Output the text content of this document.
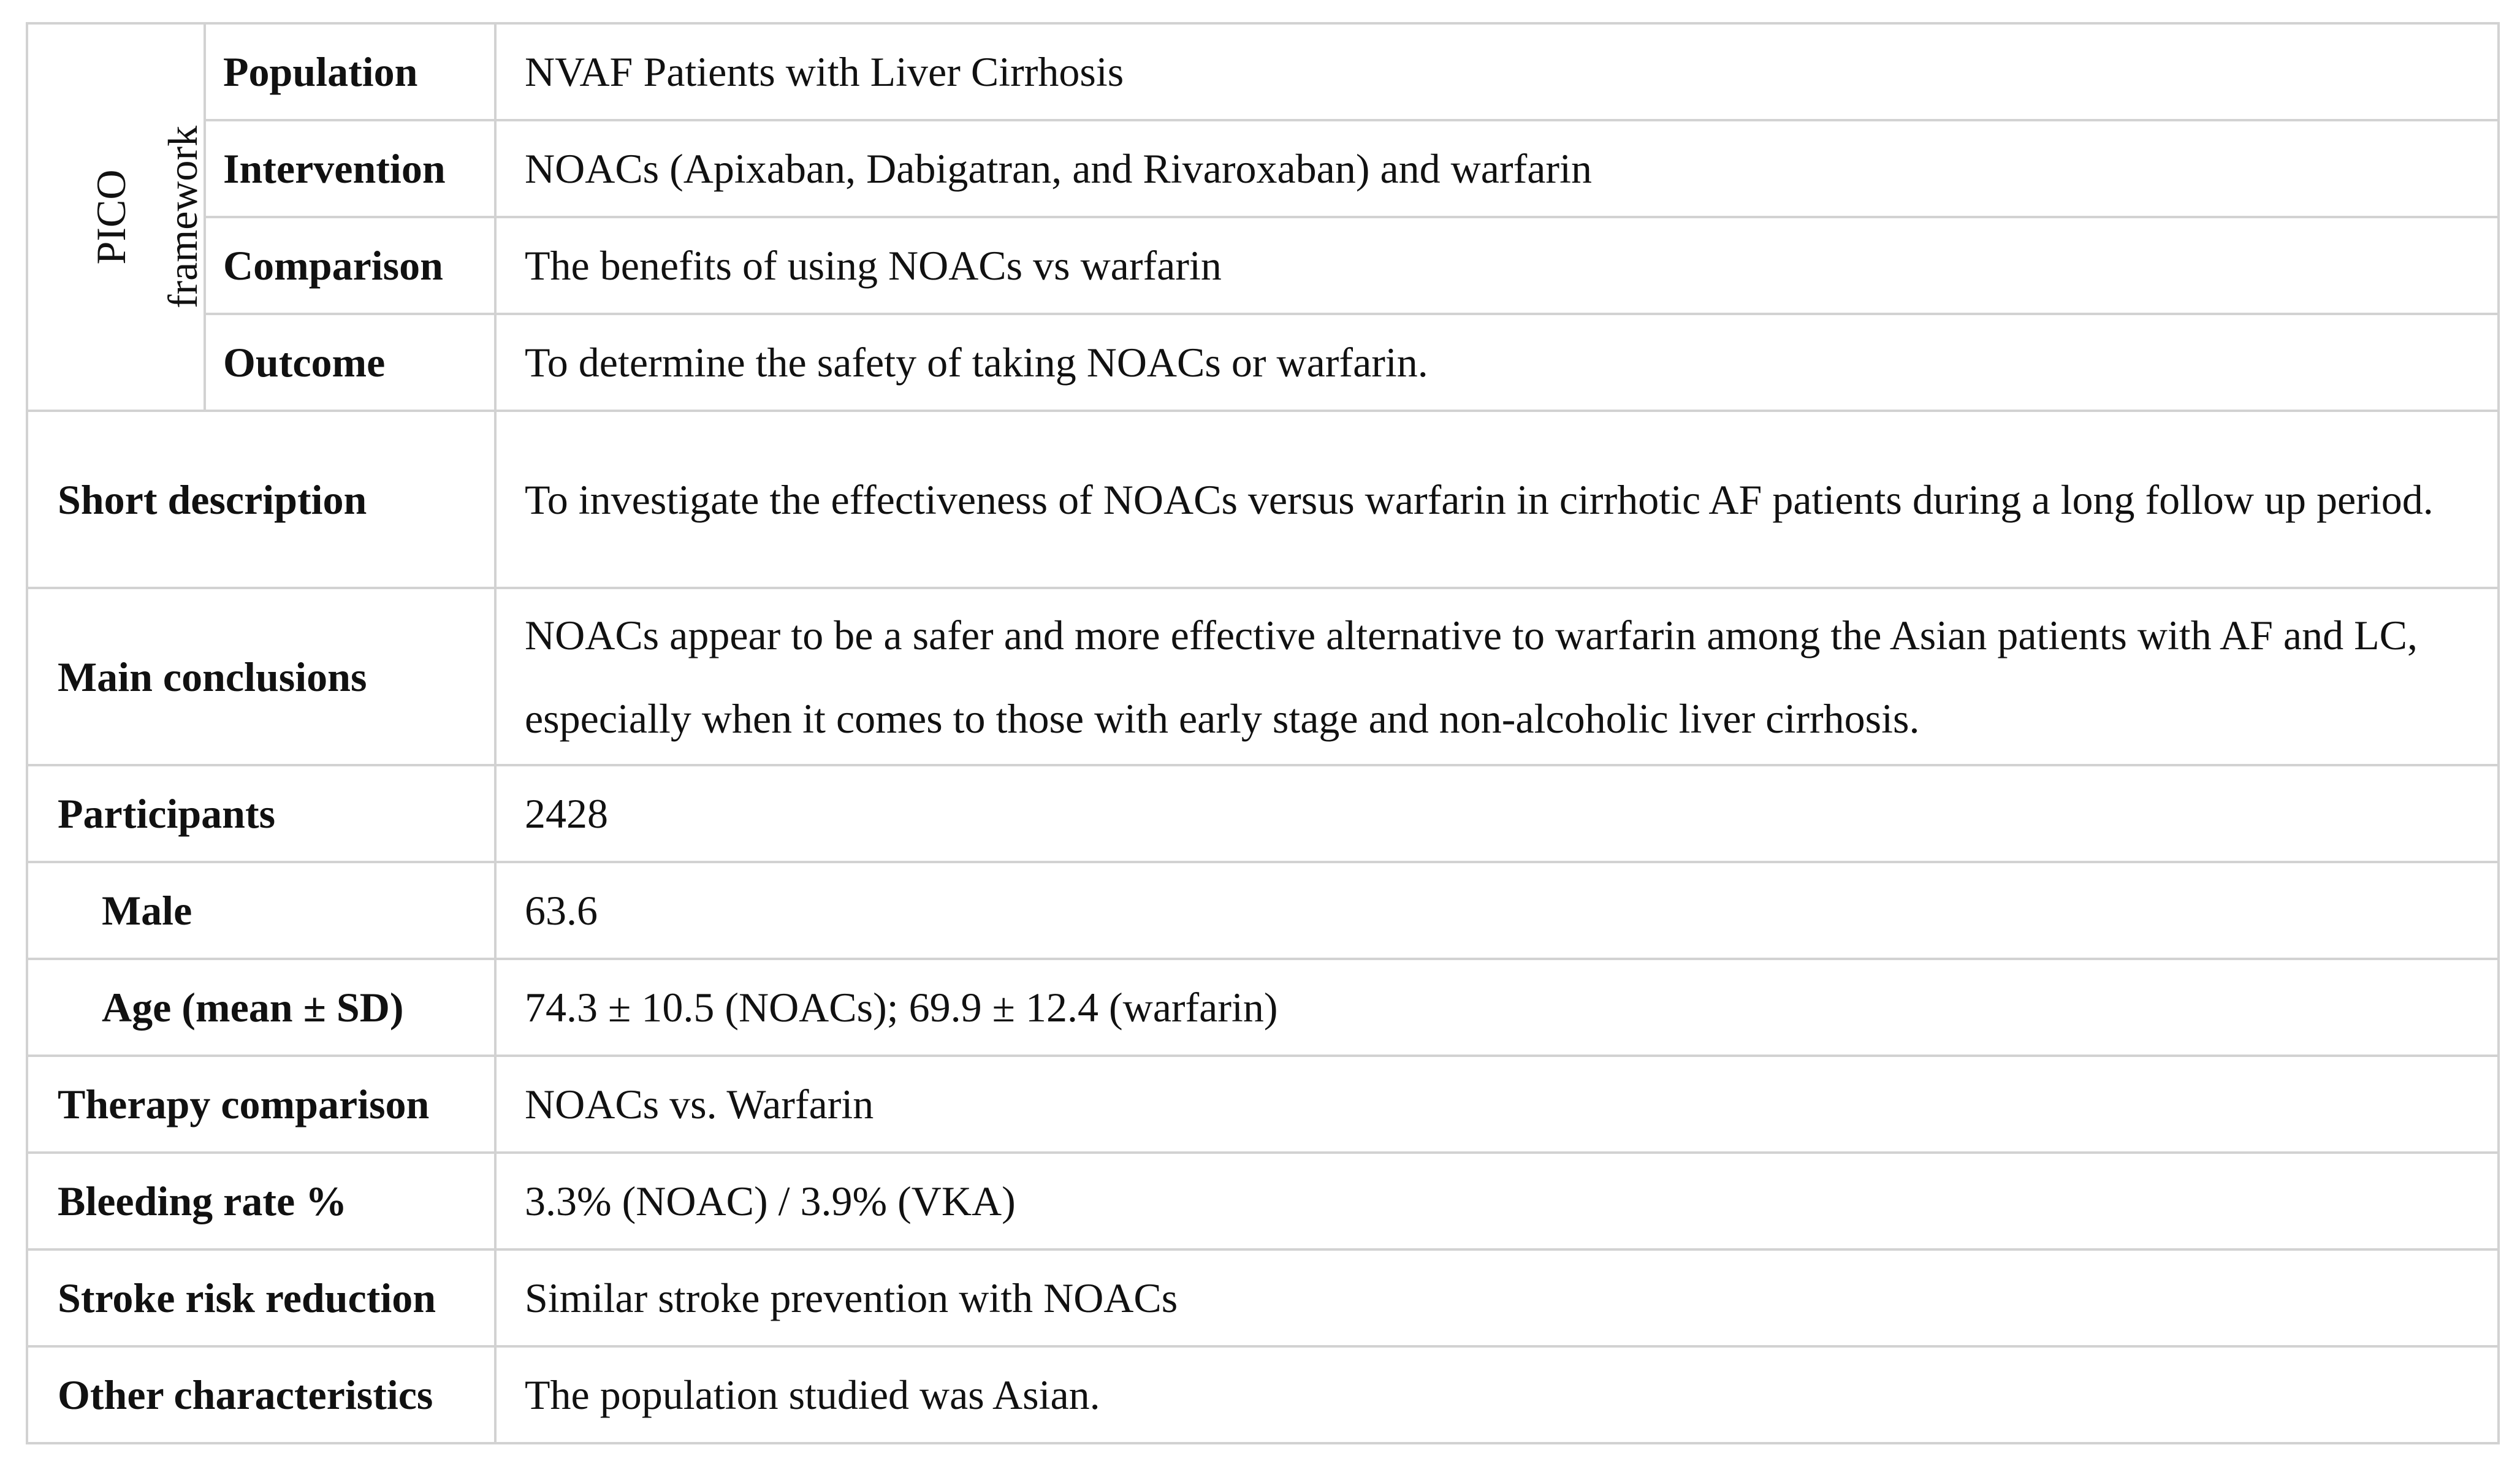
PICO framework	Population	NVAF Patients with Liver Cirrhosis
	Intervention	NOACs (Apixaban, Dabigatran, and Rivaroxaban) and warfarin
	Comparison	The benefits of using NOACs vs warfarin
	Outcome	To determine the safety of taking NOACs or warfarin.
Short description		To investigate the effectiveness of NOACs versus warfarin in cirrhotic AF patients during a long follow up period.
Main conclusions		NOACs appear to be a safer and more effective alternative to warfarin among the Asian patients with AF and LC, especially when it comes to those with early stage and non-alcoholic liver cirrhosis.
Participants		2428
Male		63.6
Age (mean ± SD)		74.3 ± 10.5 (NOACs); 69.9 ± 12.4 (warfarin)
Therapy comparison		NOACs vs. Warfarin
Bleeding rate %		3.3% (NOAC) / 3.9% (VKA)
Stroke risk reduction		Similar stroke prevention with NOACs
Other characteristics		The population studied was Asian.
